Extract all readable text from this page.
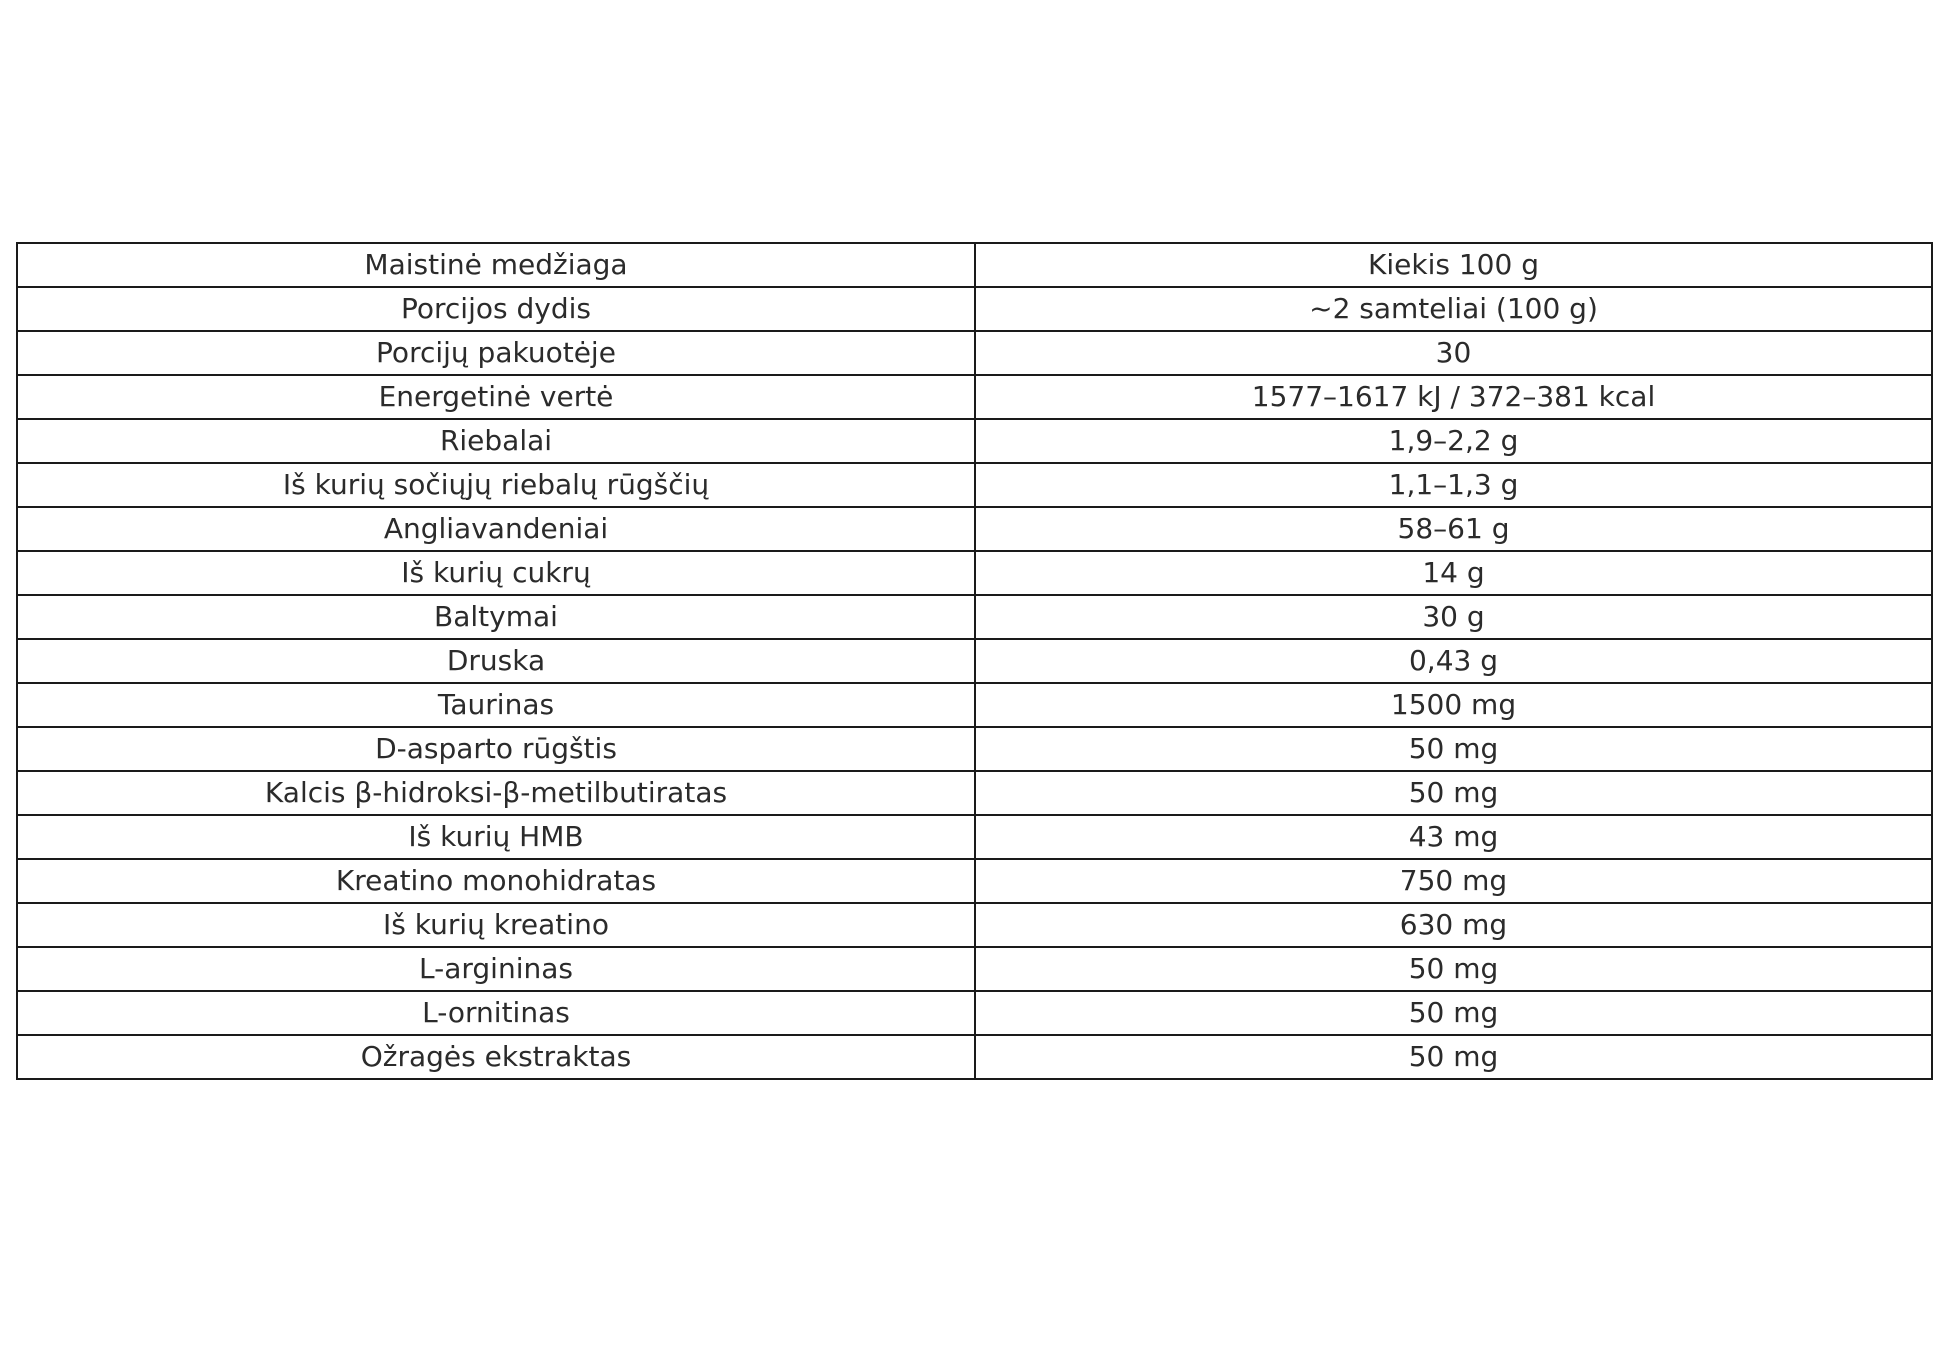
Maistinė medžiaga	Kiekis 100 g
Porcijos dydis	~2 samteliai (100 g)
Porcijų pakuotėje	30
Energetinė vertė	1577–1617 kJ / 372–381 kcal
Riebalai	1,9–2,2 g
Iš kurių sočiųjų riebalų rūgščių	1,1–1,3 g
Angliavandeniai	58–61 g
Iš kurių cukrų	14 g
Baltymai	30 g
Druska	0,43 g
Taurinas	1500 mg
D-asparto rūgštis	50 mg
Kalcis β-hidroksi-β-metilbutiratas	50 mg
Iš kurių HMB	43 mg
Kreatino monohidratas	750 mg
Iš kurių kreatino	630 mg
L-argininas	50 mg
L-ornitinas	50 mg
Ožragės ekstraktas	50 mg
